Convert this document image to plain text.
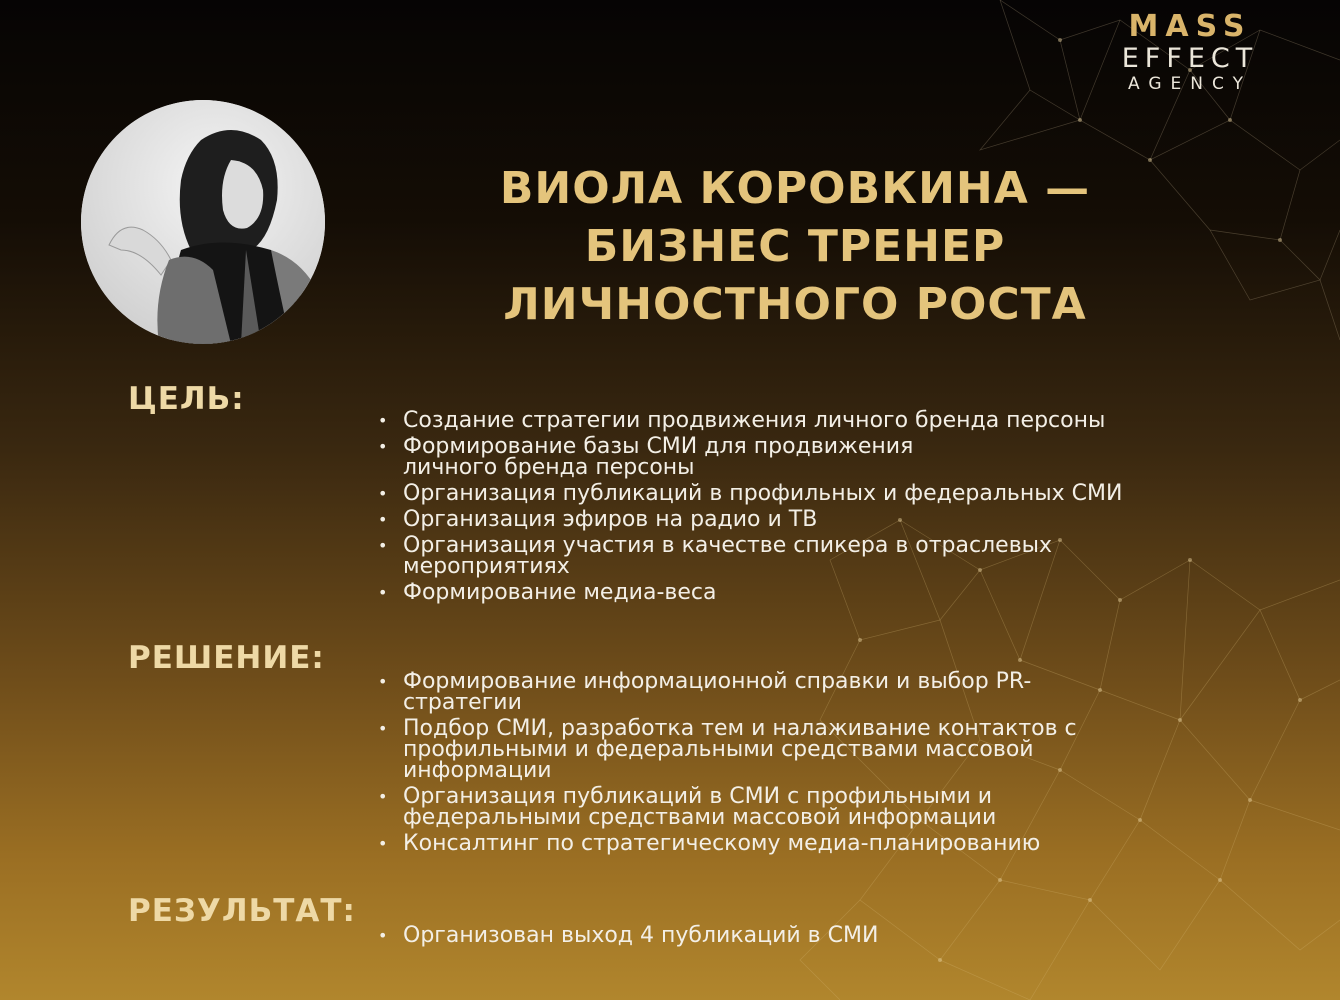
MASS
EFFECT
AGENCY
ВИОЛА КОРОВКИНА —
БИЗНЕС ТРЕНЕР
ЛИЧНОСТНОГО РОСТА
ЦЕЛЬ:
• Создание стратегии продвижения личного бренда персоны
• Формирование базы СМИ для продвижения
личного бренда персоны
• Организация публикаций в профильных и федеральных СМИ
• Организация эфиров на радио и ТВ
• Организация участия в качестве спикера в отраслевых
мероприятиях
• Формирование медиа-веса
РЕШЕНИЕ:
• Формирование информационной справки и выбор PR-
стратегии
• Подбор СМИ, разработка тем и налаживание контактов с
профильными и федеральными средствами массовой
информации
• Организация публикаций в СМИ с профильными и
федеральными средствами массовой информации
• Консалтинг по стратегическому медиа-планированию
РЕЗУЛЬТАТ:
• Организован выход 4 публикаций в СМИ
